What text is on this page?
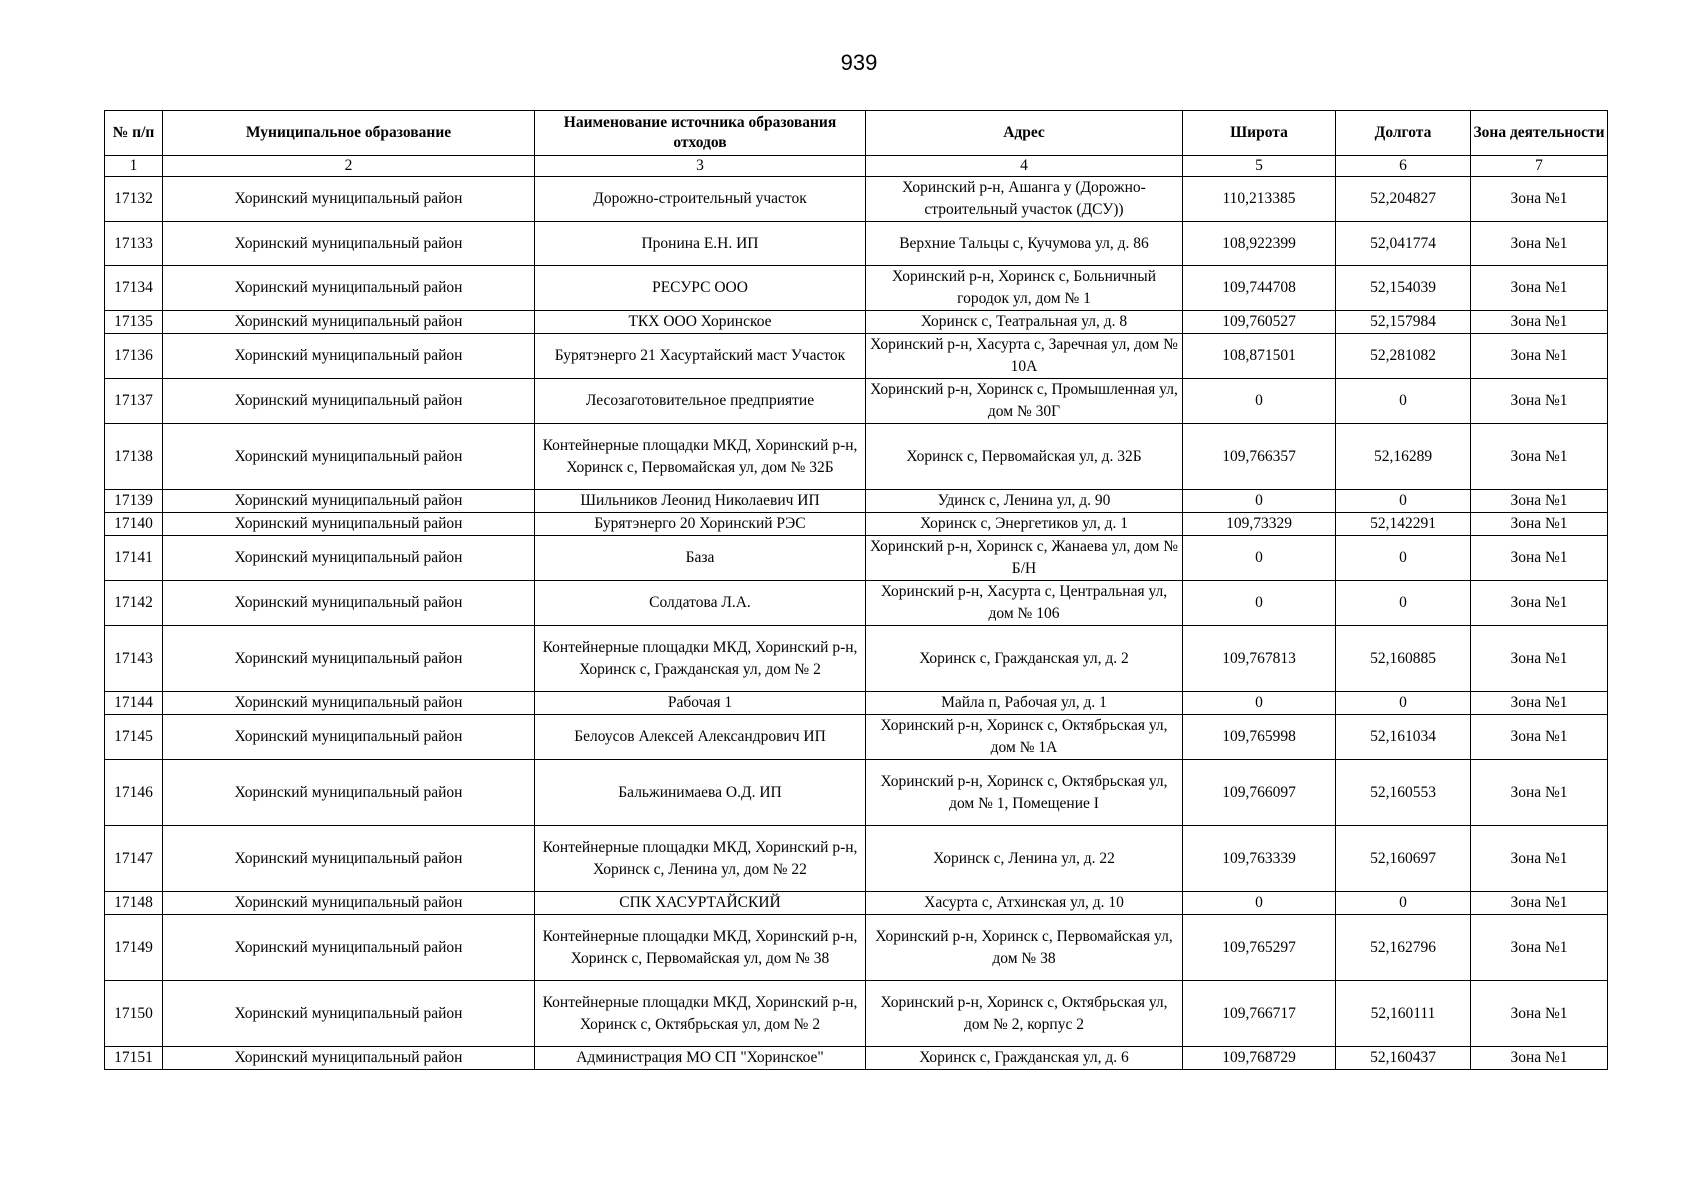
939
№ п/п	Муниципальное образование	Наименование источника образования отходов	Адрес	Широта	Долгота	Зона деятельности
1	2	3	4	5	6	7
17132	Хоринский муниципальный район	Дорожно-строительный участок	Хоринский р-н, Ашанга у (Дорожно-строительный участок (ДСУ))	110,213385	52,204827	Зона №1
17133	Хоринский муниципальный район	Пронина Е.Н. ИП	Верхние Тальцы с, Кучумова ул, д. 86	108,922399	52,041774	Зона №1
17134	Хоринский муниципальный район	РЕСУРС ООО	Хоринский р-н, Хоринск с, Больничный городок ул, дом № 1	109,744708	52,154039	Зона №1
17135	Хоринский муниципальный район	ТКХ ООО Хоринское	Хоринск с, Театральная ул, д. 8	109,760527	52,157984	Зона №1
17136	Хоринский муниципальный район	Бурятэнерго 21 Хасуртайский маст Участок	Хоринский р-н, Хасурта с, Заречная ул, дом № 10А	108,871501	52,281082	Зона №1
17137	Хоринский муниципальный район	Лесозаготовительное предприятие	Хоринский р-н, Хоринск с, Промышленная ул, дом № 30Г	0	0	Зона №1
17138	Хоринский муниципальный район	Контейнерные площадки МКД, Хоринский р-н, Хоринск с, Первомайская ул, дом № 32Б	Хоринск с, Первомайская ул, д. 32Б	109,766357	52,16289	Зона №1
17139	Хоринский муниципальный район	Шильников Леонид Николаевич ИП	Удинск с, Ленина ул, д. 90	0	0	Зона №1
17140	Хоринский муниципальный район	Бурятэнерго 20 Хоринский РЭС	Хоринск с, Энергетиков ул, д. 1	109,73329	52,142291	Зона №1
17141	Хоринский муниципальный район	База	Хоринский р-н, Хоринск с, Жанаева ул, дом № Б/Н	0	0	Зона №1
17142	Хоринский муниципальный район	Солдатова Л.А.	Хоринский р-н, Хасурта с, Центральная ул, дом № 106	0	0	Зона №1
17143	Хоринский муниципальный район	Контейнерные площадки МКД, Хоринский р-н, Хоринск с, Гражданская ул, дом № 2	Хоринск с, Гражданская ул, д. 2	109,767813	52,160885	Зона №1
17144	Хоринский муниципальный район	Рабочая 1	Майла п, Рабочая ул, д. 1	0	0	Зона №1
17145	Хоринский муниципальный район	Белоусов Алексей Александрович ИП	Хоринский р-н, Хоринск с, Октябрьская ул, дом № 1А	109,765998	52,161034	Зона №1
17146	Хоринский муниципальный район	Бальжинимаева О.Д. ИП	Хоринский р-н, Хоринск с, Октябрьская ул, дом № 1, Помещение I	109,766097	52,160553	Зона №1
17147	Хоринский муниципальный район	Контейнерные площадки МКД, Хоринский р-н, Хоринск с, Ленина ул, дом № 22	Хоринск с, Ленина ул, д. 22	109,763339	52,160697	Зона №1
17148	Хоринский муниципальный район	СПК ХАСУРТАЙСКИЙ	Хасурта с, Атхинская ул, д. 10	0	0	Зона №1
17149	Хоринский муниципальный район	Контейнерные площадки МКД, Хоринский р-н, Хоринск с, Первомайская ул, дом № 38	Хоринский р-н, Хоринск с, Первомайская ул, дом № 38	109,765297	52,162796	Зона №1
17150	Хоринский муниципальный район	Контейнерные площадки МКД, Хоринский р-н, Хоринск с, Октябрьская ул, дом № 2	Хоринский р-н, Хоринск с, Октябрьская ул, дом № 2, корпус 2	109,766717	52,160111	Зона №1
17151	Хоринский муниципальный район	Администрация МО СП "Хоринское"	Хоринск с, Гражданская ул, д. 6	109,768729	52,160437	Зона №1
